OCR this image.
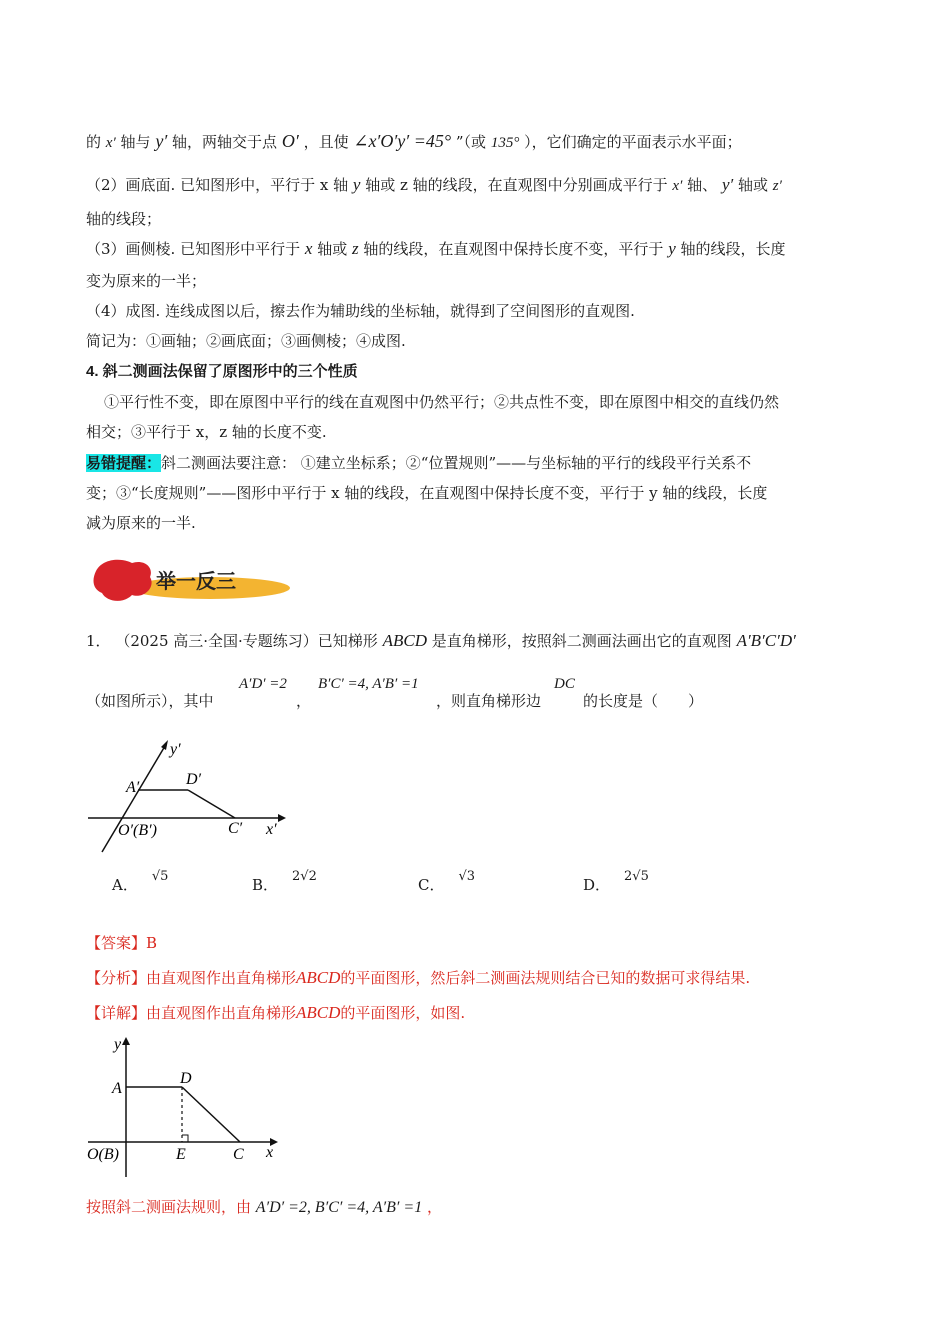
的 x′ 轴与 y′ 轴，两轴交于点 O′ ，且使 ∠x′O′y′ =45° ”（或 135° ），它们确定的平面表示水平面；
（2）画底面. 已知图形中，平行于 x 轴 y 轴或 z 轴的线段，在直观图中分别画成平行于 x′ 轴、 y′ 轴或 z′
轴的线段；
（3）画侧棱. 已知图形中平行于 x 轴或 z 轴的线段，在直观图中保持长度不变，平行于 y 轴的线段，长度
变为原来的一半；
（4）成图. 连线成图以后，擦去作为辅助线的坐标轴，就得到了空间图形的直观图.
简记为：①画轴；②画底面；③画侧棱；④成图.
4. 斜二测画法保留了原图形中的三个性质
①平行性不变，即在原图中平行的线在直观图中仍然平行；②共点性不变，即在原图中相交的直线仍然
相交；③平行于 x，z 轴的长度不变.
易错提醒：斜二测画法要注意： ①建立坐标系；②“位置规则”——与坐标轴的平行的线段平行关系不
变；③“长度规则”——图形中平行于 x 轴的线段，在直观图中保持长度不变，平行于 y 轴的线段，长度
减为原来的一半.
举一反三
1． （2025 高三·全国·专题练习）已知梯形 ABCD 是直角梯形，按照斜二测画法画出它的直观图 A′B′C′D′
（如图所示），其中
A′D′ =2
，
B′C′ =4, A′B′ =1
，则直角梯形边
DC
的长度是（　　）
y′
A′	D′
O′(B′)	C′ x′
A． √5	B． 2√2	C． √3	D． 2√5
【答案】B
【分析】由直观图作出直角梯形ABCD的平面图形，然后斜二测画法规则结合已知的数据可求得结果.
【详解】由直观图作出直角梯形ABCD的平面图形，如图.
y
A
D
O(B)	E	C x
按照斜二测画法规则，由 A′D′ =2, B′C′ =4, A′B′ =1 ，
